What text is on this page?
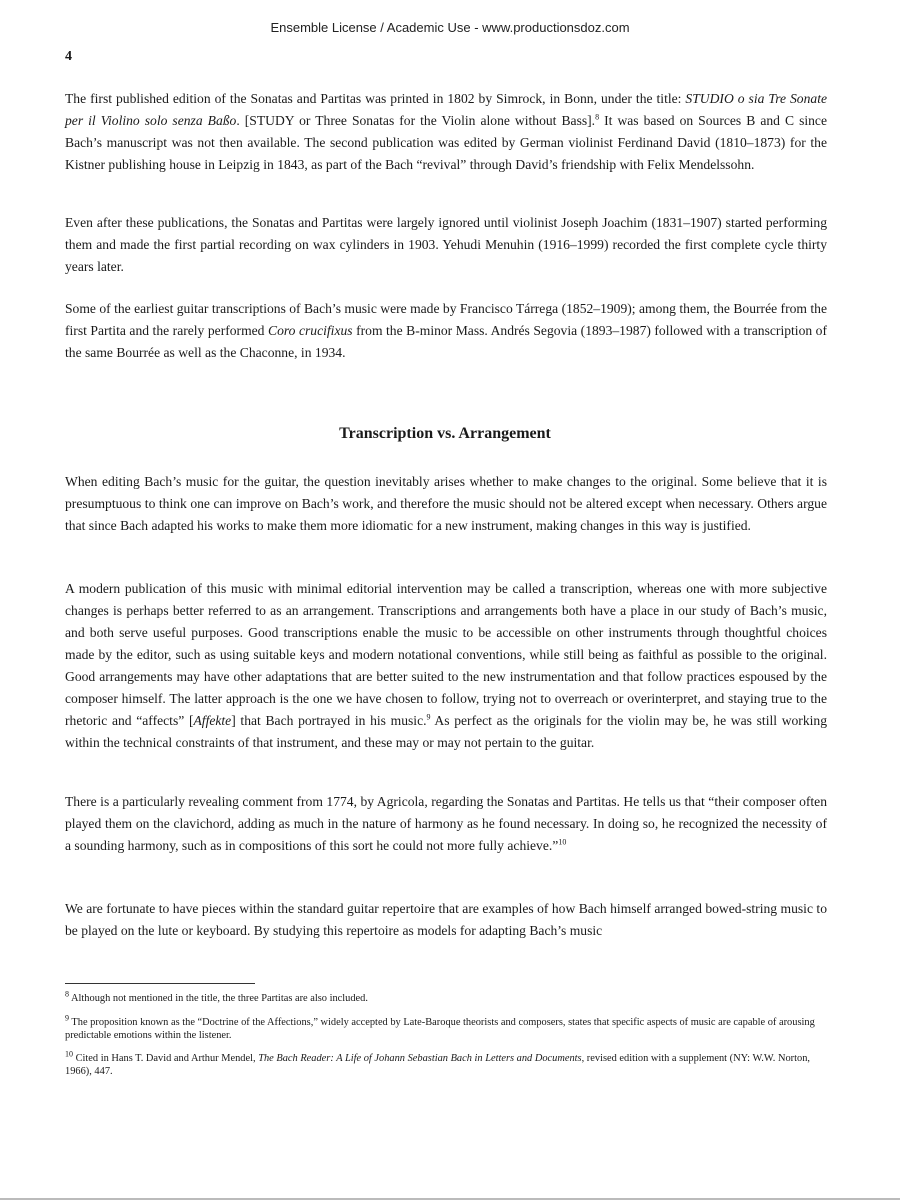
Ensemble License / Academic Use - www.productionsdoz.com
4

The first published edition of the Sonatas and Partitas was printed in 1802 by Simrock, in Bonn, under the title: STUDIO o sia Tre Sonate per il Violino solo senza Baßo. [STUDY or Three Sonatas for the Violin alone without Bass].$^8$ It was based on Sources B and C since Bach’s manuscript was not then available. The second publication was edited by German violinist Ferdinand David (1810–1873) for the Kistner publishing house in Leipzig in 1843, as part of the Bach “revival” through David’s friendship with Felix Mendelssohn.

Even after these publications, the Sonatas and Partitas were largely ignored until violinist Joseph Joachim (1831–1907) started performing them and made the first partial recording on wax cylinders in 1903. Yehudi Menuhin (1916–1999) recorded the first complete cycle thirty years later.

Some of the earliest guitar transcriptions of Bach’s music were made by Francisco Tárrega (1852–1909); among them, the Bourrée from the first Partita and the rarely performed Coro crucifixus from the B-minor Mass. Andrés Segovia (1893–1987) followed with a transcription of the same Bourrée as well as the Chaconne, in 1934.

Transcription vs. Arrangement

When editing Bach’s music for the guitar, the question inevitably arises whether to make changes to the original. Some believe that it is presumptuous to think one can improve on Bach’s work, and therefore the music should not be altered except when necessary. Others argue that since Bach adapted his works to make them more idiomatic for a new instrument, making changes in this way is justified.

A modern publication of this music with minimal editorial intervention may be called a transcription, whereas one with more subjective changes is perhaps better referred to as an arrangement. Transcriptions and arrangements both have a place in our study of Bach’s music, and both serve useful purposes. Good transcriptions enable the music to be accessible on other instruments through thoughtful choices made by the editor, such as using suitable keys and modern notational conventions, while still being as faithful as possible to the original. Good arrangements may have other adaptations that are better suited to the new instrumentation and that follow practices espoused by the composer himself. The latter approach is the one we have chosen to follow, trying not to overreach or overinterpret, and staying true to the rhetoric and “affects” [Affekte] that Bach portrayed in his music.$^9$ As perfect as the originals for the violin may be, he was still working within the technical constraints of that instrument, and these may or may not pertain to the guitar.

There is a particularly revealing comment from 1774, by Agricola, regarding the Sonatas and Partitas. He tells us that “their composer often played them on the clavichord, adding as much in the nature of harmony as he found necessary. In doing so, he recognized the necessity of a sounding harmony, such as in compositions of this sort he could not more fully achieve.”$^{10}$

We are fortunate to have pieces within the standard guitar repertoire that are examples of how Bach himself arranged bowed-string music to be played on the lute or keyboard. By studying this repertoire as models for adapting Bach’s music

$^8$ Although not mentioned in the title, the three Partitas are also included.

$^9$ The proposition known as the “Doctrine of the Affections,” widely accepted by Late-Baroque theorists and composers, states that specific aspects of music are capable of arousing predictable emotions within the listener.

$^{10}$ Cited in Hans T. David and Arthur Mendel, The Bach Reader: A Life of Johann Sebastian Bach in Letters and Documents, revised edition with a supplement (NY: W.W. Norton, 1966), 447.
